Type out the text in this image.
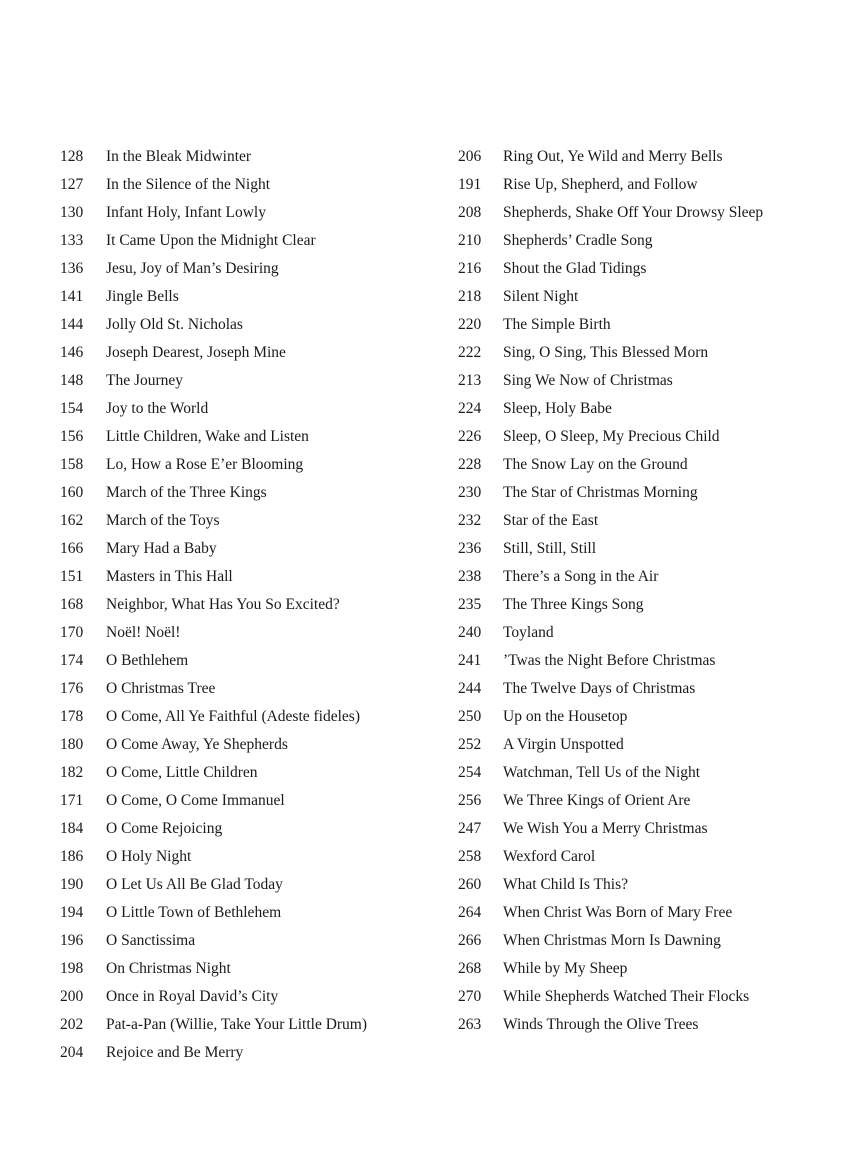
128	In the Bleak Midwinter
127	In the Silence of the Night
130	Infant Holy, Infant Lowly
133	It Came Upon the Midnight Clear
136	Jesu, Joy of Man’s Desiring
141	Jingle Bells
144	Jolly Old St. Nicholas
146	Joseph Dearest, Joseph Mine
148	The Journey
154	Joy to the World
156	Little Children, Wake and Listen
158	Lo, How a Rose E’er Blooming
160	March of the Three Kings
162	March of the Toys
166	Mary Had a Baby
151	Masters in This Hall
168	Neighbor, What Has You So Excited?
170	Noël! Noël!
174	O Bethlehem
176	O Christmas Tree
178	O Come, All Ye Faithful (Adeste fideles)
180	O Come Away, Ye Shepherds
182	O Come, Little Children
171	O Come, O Come Immanuel
184	O Come Rejoicing
186	O Holy Night
190	O Let Us All Be Glad Today
194	O Little Town of Bethlehem
196	O Sanctissima
198	On Christmas Night
200	Once in Royal David’s City
202	Pat-a-Pan (Willie, Take Your Little Drum)
204	Rejoice and Be Merry
206	Ring Out, Ye Wild and Merry Bells
191	Rise Up, Shepherd, and Follow
208	Shepherds, Shake Off Your Drowsy Sleep
210	Shepherds’ Cradle Song
216	Shout the Glad Tidings
218	Silent Night
220	The Simple Birth
222	Sing, O Sing, This Blessed Morn
213	Sing We Now of Christmas
224	Sleep, Holy Babe
226	Sleep, O Sleep, My Precious Child
228	The Snow Lay on the Ground
230	The Star of Christmas Morning
232	Star of the East
236	Still, Still, Still
238	There’s a Song in the Air
235	The Three Kings Song
240	Toyland
241	’Twas the Night Before Christmas
244	The Twelve Days of Christmas
250	Up on the Housetop
252	A Virgin Unspotted
254	Watchman, Tell Us of the Night
256	We Three Kings of Orient Are
247	We Wish You a Merry Christmas
258	Wexford Carol
260	What Child Is This?
264	When Christ Was Born of Mary Free
266	When Christmas Morn Is Dawning
268	While by My Sheep
270	While Shepherds Watched Their Flocks
263	Winds Through the Olive Trees
